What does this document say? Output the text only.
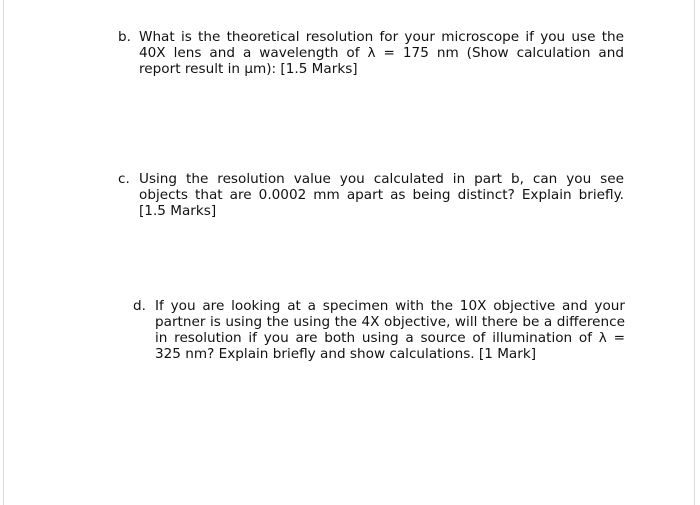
b. What is the theoretical resolution for your microscope if you use the
40X lens and a wavelength of λ = 175 nm (Show calculation and
report result in μm): [1.5 Marks]
c. Using the resolution value you calculated in part b, can you see
objects that are 0.0002 mm apart as being distinct? Explain briefly.
[1.5 Marks]
d. If you are looking at a specimen with the 10X objective and your
partner is using the using the 4X objective, will there be a difference
in resolution if you are both using a source of illumination of λ =
325 nm? Explain briefly and show calculations. [1 Mark]
